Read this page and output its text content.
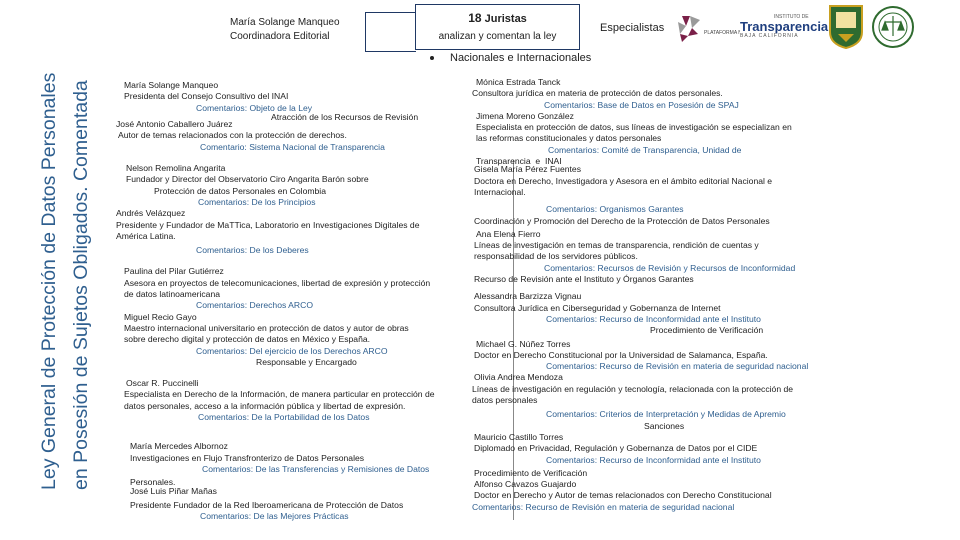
Ley General de Protección de Datos Personales en Posesión de Sujetos Obligados. Comentada
María Solange Manqueo
Coordinadora Editorial
18 Juristas
analizan y comentan la ley
Especialistas
Nacionales e Internacionales
PLATAFORMA
INSTITUTO DE
Transparencia
BAJA CALIFORNIA

María Solange Manqueo

Presidenta del Consejo Consultivo del INAI

Comentarios: Objeto de la Ley

Atracción de los Recursos de Revisión

José Antonio Caballero Juárez

Autor de temas relacionados con la protección de derechos.

Comentario: Sistema Nacional de Transparencia

Nelson Remolina Angarita

Fundador y Director del Observatorio Ciro Angarita Barón sobre

Protección de datos Personales en Colombia

Comentarios: De los Principios

Andrés Velázquez

Presidente y Fundador de MaTTica, Laboratorio en Investigaciones Digitales de

América Latina.

Comentarios: De los Deberes

Paulina del Pilar Gutiérrez

Asesora en proyectos de telecomunicaciones, libertad de expresión y protección

de datos latinoamericana

Comentarios: Derechos ARCO

Miguel Recio Gayo

Maestro internacional universitario en protección de datos y autor de obras

sobre derecho digital y protección de datos en México y España.

Comentarios: Del ejercicio de los Derechos ARCO

Responsable y Encargado

Oscar R. Puccinelli

Especialista en Derecho de la Información, de manera particular en protección de

datos personales, acceso a la información pública y libertad de expresión.

Comentarios: De la Portabilidad de los Datos

María Mercedes Albornoz

Investigaciones en Flujo Transfronterizo de Datos Personales

Comentarios: De las Transferencias y Remisiones de Datos

Personales.

José Luis Piñar Mañas

Presidente Fundador de la Red Iberoamericana de Protección de Datos

Comentarios: De las Mejores Prácticas

Mónica Estrada Tanck

Consultora jurídica en materia de protección de datos personales.

Comentarios: Base de Datos en Posesión de SPAJ

Jimena Moreno González

Especialista en protección de datos, sus líneas de investigación se especializan en

las reformas constitucionales y datos personales

Comentarios: Comité de Transparencia, Unidad de

Transparencia  e  INAI

Gisela María Pérez Fuentes

Doctora en Derecho, Investigadora y Asesora en el ámbito editorial Nacional e

Internacional.

Comentarios: Organismos Garantes

Coordinación y Promoción del Derecho de la Protección de Datos Personales

Ana Elena Fierro

Líneas de investigación en temas de transparencia, rendición de cuentas y

responsabilidad de los servidores públicos.

Comentarios: Recursos de Revisión y Recursos de Inconformidad

Recurso de Revisión ante el Instituto y Órganos Garantes

Alessandra Barzizza Vignau

Consultora Jurídica en Ciberseguridad y Gobernanza de Internet

Comentarios: Recurso de Inconformidad ante el Instituto

Procedimiento de Verificación

Michael G. Núñez Torres

Doctor en Derecho Constitucional por la Universidad de Salamanca, España.

Comentarios: Recurso de Revisión en materia de seguridad nacional

Olivia Andrea Mendoza

Líneas de investigación en regulación y tecnología, relacionada con la protección de

datos personales

Comentarios: Criterios de Interpretación y Medidas de Apremio

Sanciones

Mauricio Castillo Torres

Diplomado en Privacidad, Regulación y Gobernanza de Datos por el CIDE

Comentarios: Recurso de Inconformidad ante el Instituto

Procedimiento de Verificación

Alfonso Cavazos Guajardo

Doctor en Derecho y Autor de temas relacionados con Derecho Constitucional

Comentarios: Recurso de Revisión en materia de seguridad nacional
